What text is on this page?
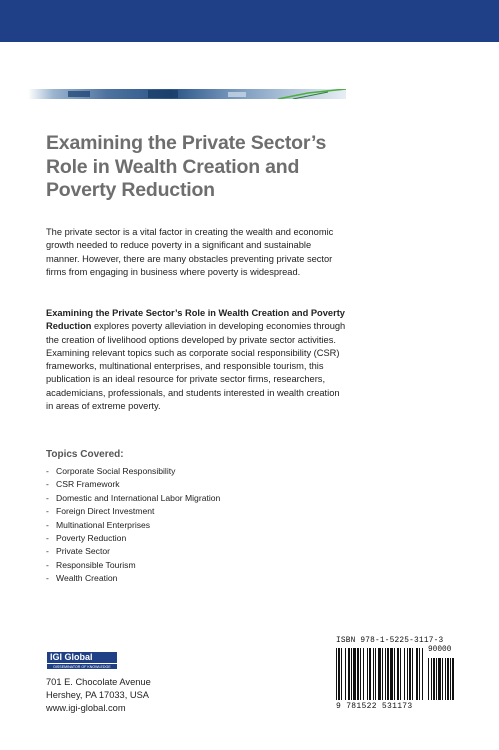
Examining the Private Sector’s Role in Wealth Creation and Poverty Reduction

The private sector is a vital factor in creating the wealth and economic growth needed to reduce poverty in a significant and sustainable manner. However, there are many obstacles preventing private sector firms from engaging in business where poverty is widespread.

Examining the Private Sector’s Role in Wealth Creation and Poverty Reduction explores poverty alleviation in developing economies through the creation of livelihood options developed by private sector activities. Examining relevant topics such as corporate social responsibility (CSR) frameworks, multinational enterprises, and responsible tourism, this publication is an ideal resource for private sector firms, researchers, academicians, professionals, and students interested in wealth creation in areas of extreme poverty.

Topics Covered:
- Corporate Social Responsibility
- CSR Framework
- Domestic and International Labor Migration
- Foreign Direct Investment
- Multinational Enterprises
- Poverty Reduction
- Private Sector
- Responsible Tourism
- Wealth Creation
IGI Global
DISSEMINATOR OF KNOWLEDGE
701 E. Chocolate Avenue
Hershey, PA 17033, USA
www.igi-global.com
ISBN 978-1-5225-3117-3
90000
9 781522 531173
